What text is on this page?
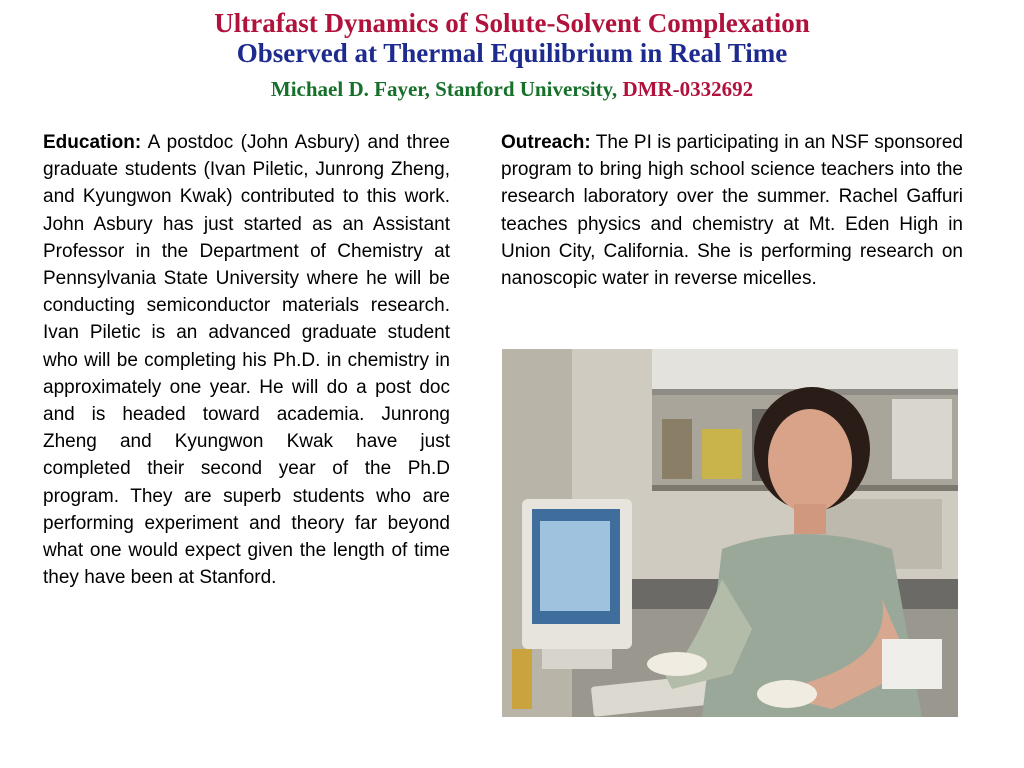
Ultrafast Dynamics of Solute-Solvent Complexation
Observed at Thermal Equilibrium in Real Time
Michael D. Fayer, Stanford University, DMR-0332692
Education: A postdoc (John Asbury) and three graduate students (Ivan Piletic, Junrong Zheng, and Kyungwon Kwak) contributed to this work. John Asbury has just started as an Assistant Professor in the Department of Chemistry at Pennsylvania State University where he will be conducting semiconductor materials research. Ivan Piletic is an advanced graduate student who will be completing his Ph.D. in chemistry in approximately one year. He will do a post doc and is headed toward academia. Junrong Zheng and Kyungwon Kwak have just completed their second year of the Ph.D program. They are superb students who are performing experiment and theory far beyond what one would expect given the length of time they have been at Stanford.
Outreach: The PI is participating in an NSF sponsored program to bring high school science teachers into the research laboratory over the summer. Rachel Gaffuri teaches physics and chemistry at Mt. Eden High in Union City, California. She is performing research on nanoscopic water in reverse micelles.
